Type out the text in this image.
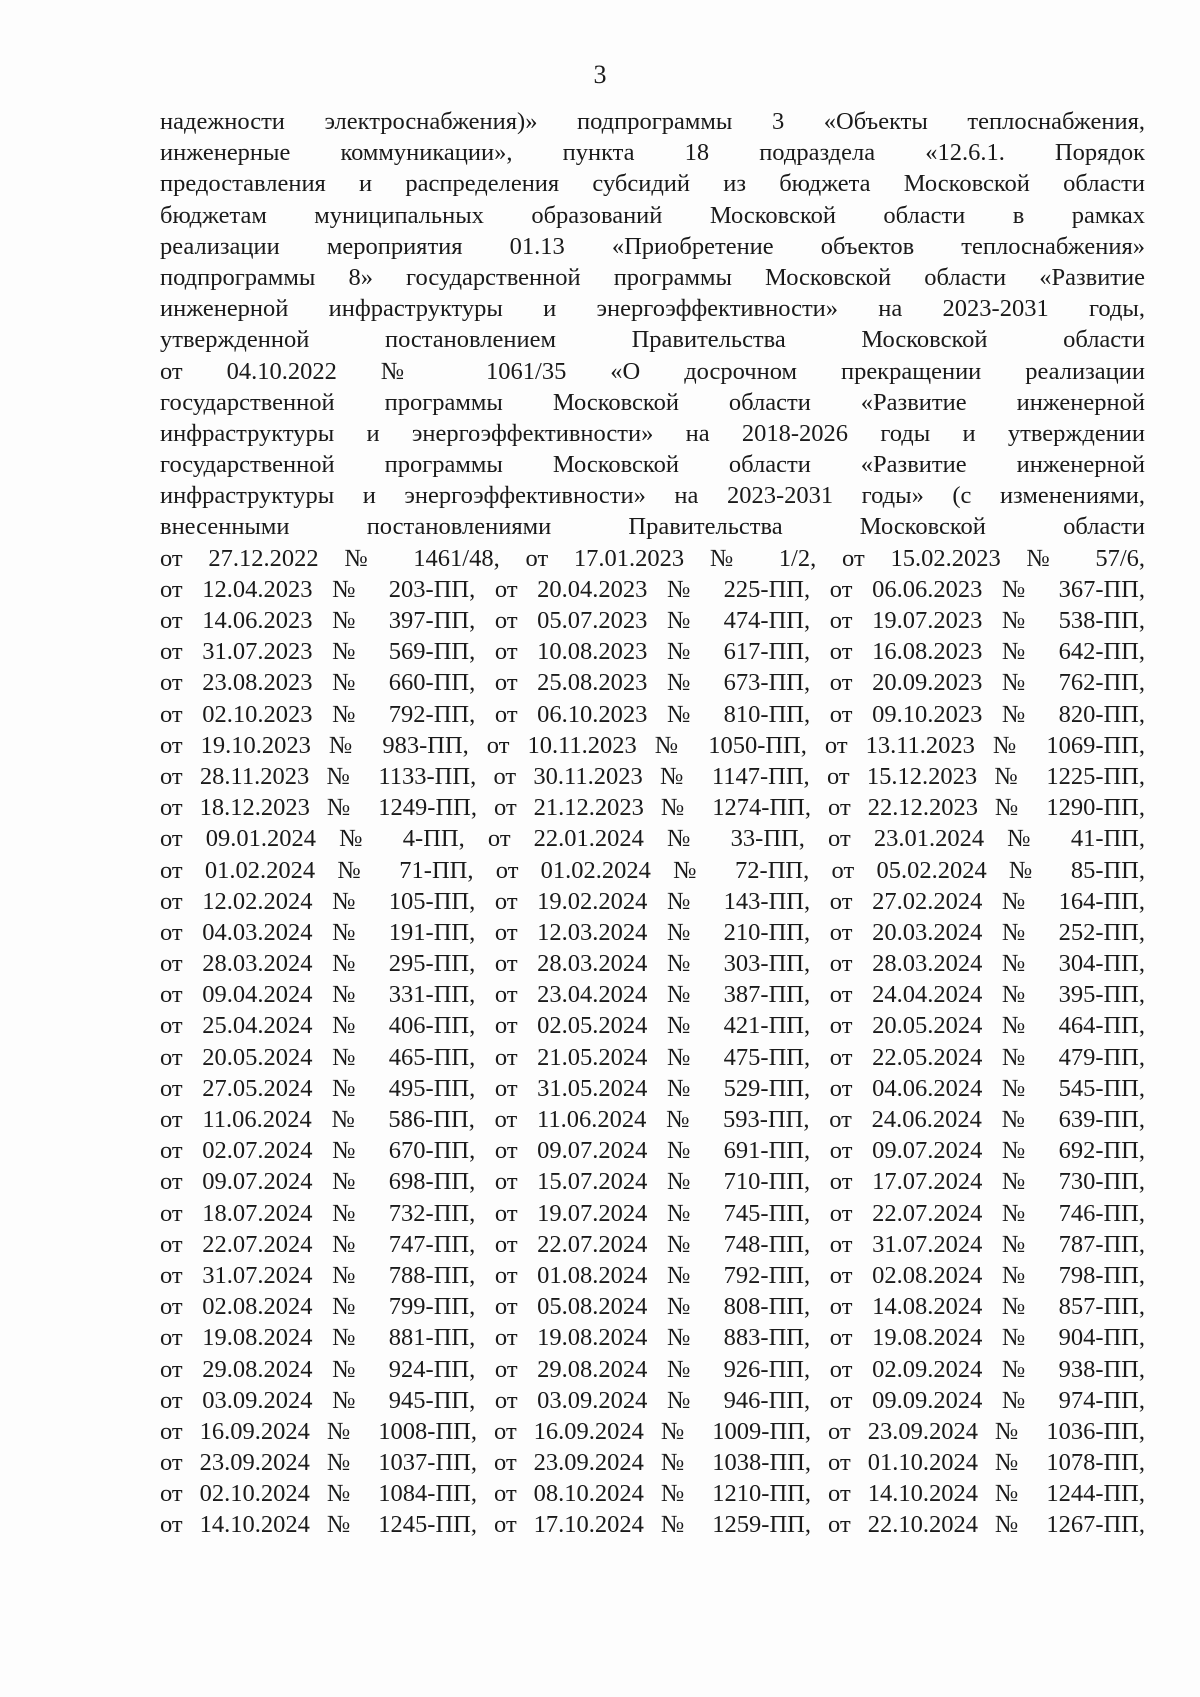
3
надежности электроснабжения)» подпрограммы 3 «Объекты теплоснабжения,
инженерные коммуникации», пункта 18 подраздела «12.6.1. Порядок
предоставления и распределения субсидий из бюджета Московской области
бюджетам муниципальных образований Московской области в рамках
реализации мероприятия 01.13 «Приобретение объектов теплоснабжения»
подпрограммы 8» государственной программы Московской области «Развитие
инженерной инфраструктуры и энергоэффективности» на 2023-2031 годы,
утвержденной постановлением Правительства Московской области
от 04.10.2022 № 1061/35 «О досрочном прекращении реализации
государственной программы Московской области «Развитие инженерной
инфраструктуры и энергоэффективности» на 2018-2026 годы и утверждении
государственной программы Московской области «Развитие инженерной
инфраструктуры и энергоэффективности» на 2023-2031 годы» (с изменениями,
внесенными постановлениями Правительства Московской области
от 27.12.2022 № 1461/48, от 17.01.2023 № 1/2, от 15.02.2023 № 57/6,
от 12.04.2023 № 203-ПП, от 20.04.2023 № 225-ПП, от 06.06.2023 № 367-ПП,
от 14.06.2023 № 397-ПП, от 05.07.2023 № 474-ПП, от 19.07.2023 № 538-ПП,
от 31.07.2023 № 569-ПП, от 10.08.2023 № 617-ПП, от 16.08.2023 № 642-ПП,
от 23.08.2023 № 660-ПП, от 25.08.2023 № 673-ПП, от 20.09.2023 № 762-ПП,
от 02.10.2023 № 792-ПП, от 06.10.2023 № 810-ПП, от 09.10.2023 № 820-ПП,
от 19.10.2023 № 983-ПП, от 10.11.2023 № 1050-ПП, от 13.11.2023 № 1069-ПП,
от 28.11.2023 № 1133-ПП, от 30.11.2023 № 1147-ПП, от 15.12.2023 № 1225-ПП,
от 18.12.2023 № 1249-ПП, от 21.12.2023 № 1274-ПП, от 22.12.2023 № 1290-ПП,
от 09.01.2024 № 4-ПП, от 22.01.2024 № 33-ПП, от 23.01.2024 № 41-ПП,
от 01.02.2024 № 71-ПП, от 01.02.2024 № 72-ПП, от 05.02.2024 № 85-ПП,
от 12.02.2024 № 105-ПП, от 19.02.2024 № 143-ПП, от 27.02.2024 № 164-ПП,
от 04.03.2024 № 191-ПП, от 12.03.2024 № 210-ПП, от 20.03.2024 № 252-ПП,
от 28.03.2024 № 295-ПП, от 28.03.2024 № 303-ПП, от 28.03.2024 № 304-ПП,
от 09.04.2024 № 331-ПП, от 23.04.2024 № 387-ПП, от 24.04.2024 № 395-ПП,
от 25.04.2024 № 406-ПП, от 02.05.2024 № 421-ПП, от 20.05.2024 № 464-ПП,
от 20.05.2024 № 465-ПП, от 21.05.2024 № 475-ПП, от 22.05.2024 № 479-ПП,
от 27.05.2024 № 495-ПП, от 31.05.2024 № 529-ПП, от 04.06.2024 № 545-ПП,
от 11.06.2024 № 586-ПП, от 11.06.2024 № 593-ПП, от 24.06.2024 № 639-ПП,
от 02.07.2024 № 670-ПП, от 09.07.2024 № 691-ПП, от 09.07.2024 № 692-ПП,
от 09.07.2024 № 698-ПП, от 15.07.2024 № 710-ПП, от 17.07.2024 № 730-ПП,
от 18.07.2024 № 732-ПП, от 19.07.2024 № 745-ПП, от 22.07.2024 № 746-ПП,
от 22.07.2024 № 747-ПП, от 22.07.2024 № 748-ПП, от 31.07.2024 № 787-ПП,
от 31.07.2024 № 788-ПП, от 01.08.2024 № 792-ПП, от 02.08.2024 № 798-ПП,
от 02.08.2024 № 799-ПП, от 05.08.2024 № 808-ПП, от 14.08.2024 № 857-ПП,
от 19.08.2024 № 881-ПП, от 19.08.2024 № 883-ПП, от 19.08.2024 № 904-ПП,
от 29.08.2024 № 924-ПП, от 29.08.2024 № 926-ПП, от 02.09.2024 № 938-ПП,
от 03.09.2024 № 945-ПП, от 03.09.2024 № 946-ПП, от 09.09.2024 № 974-ПП,
от 16.09.2024 № 1008-ПП, от 16.09.2024 № 1009-ПП, от 23.09.2024 № 1036-ПП,
от 23.09.2024 № 1037-ПП, от 23.09.2024 № 1038-ПП, от 01.10.2024 № 1078-ПП,
от 02.10.2024 № 1084-ПП, от 08.10.2024 № 1210-ПП, от 14.10.2024 № 1244-ПП,
от 14.10.2024 № 1245-ПП, от 17.10.2024 № 1259-ПП, от 22.10.2024 № 1267-ПП,
